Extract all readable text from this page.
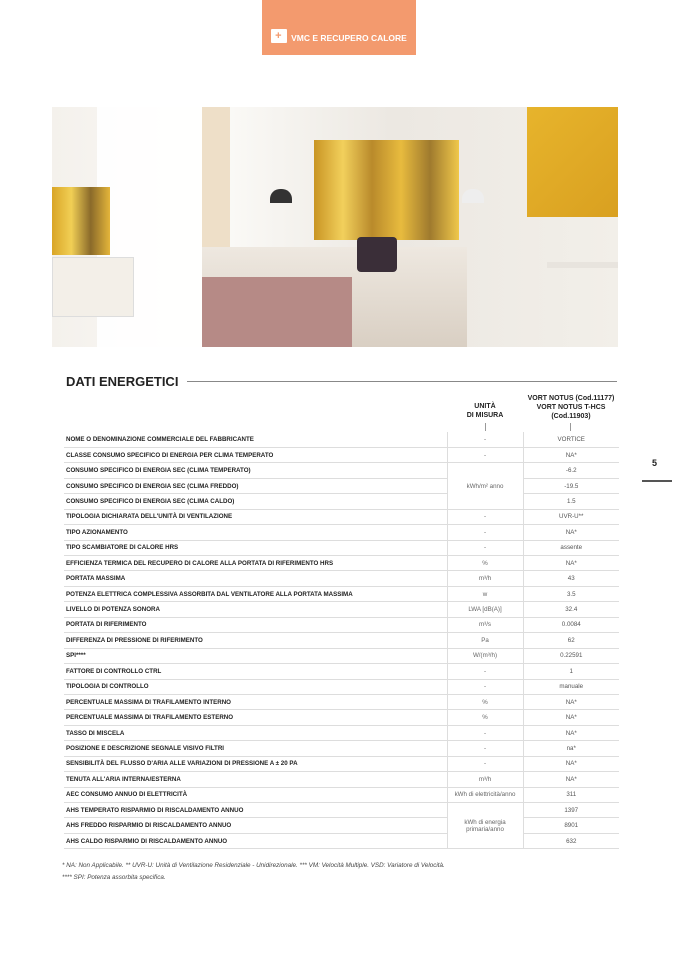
+
VMC E RECUPERO CALORE
DATI ENERGETICI
UNITÀ
DI MISURA
VORT NOTUS (Cod.11177)
VORT NOTUS T-HCS
(Cod.11903)
NOME O DENOMINAZIONE COMMERCIALE DEL FABBRICANTE	-	VORTICE
CLASSE CONSUMO SPECIFICO DI ENERGIA PER CLIMA TEMPERATO	-	NA*
CONSUMO SPECIFICO DI ENERGIA SEC (CLIMA TEMPERATO)	kWh/m² anno	-6.2
CONSUMO SPECIFICO DI ENERGIA SEC (CLIMA FREDDO)		-19.5
CONSUMO SPECIFICO DI ENERGIA SEC (CLIMA CALDO)		1.5
TIPOLOGIA DICHIARATA DELL'UNITÀ DI VENTILAZIONE	-	UVR-U**
TIPO AZIONAMENTO	-	NA*
TIPO SCAMBIATORE DI CALORE HRS	-	assente
EFFICIENZA TERMICA DEL RECUPERO DI CALORE ALLA PORTATA DI RIFERIMENTO HRS	%	NA*
PORTATA MASSIMA	m³/h	43
POTENZA ELETTRICA COMPLESSIVA ASSORBITA DAL VENTILATORE ALLA PORTATA MASSIMA	w	3.5
LIVELLO DI POTENZA SONORA	LWA [dB(A)]	32.4
PORTATA DI RIFERIMENTO	m³/s	0.0084
DIFFERENZA DI PRESSIONE DI RIFERIMENTO	Pa	62
SPI****	W/(m³/h)	0.22591
FATTORE DI CONTROLLO CTRL	-	1
TIPOLOGIA DI CONTROLLO	-	manuale
PERCENTUALE MASSIMA DI TRAFILAMENTO INTERNO	%	NA*
PERCENTUALE MASSIMA DI TRAFILAMENTO ESTERNO	%	NA*
TASSO DI MISCELA	-	NA*
POSIZIONE E DESCRIZIONE SEGNALE VISIVO FILTRI	-	na*
SENSIBILITÀ DEL FLUSSO D'ARIA ALLE VARIAZIONI DI PRESSIONE A ± 20 PA	-	NA*
TENUTA ALL'ARIA INTERNA/ESTERNA	m³/h	NA*
AEC CONSUMO ANNUO DI ELETTRICITÀ	kWh di elettricità/anno	311
AHS TEMPERATO RISPARMIO DI RISCALDAMENTO ANNUO	kWh di energia primaria/anno	1397
AHS FREDDO RISPARMIO DI RISCALDAMENTO ANNUO		8901
AHS CALDO RISPARMIO DI RISCALDAMENTO ANNUO		632
* NA: Non Applicabile. ** UVR-U: Unità di Ventilazione Residenziale - Unidirezionale. *** VM: Velocità Multiple. VSD: Variatore di Velocità.
**** SPI: Potenza assorbita specifica.
5
